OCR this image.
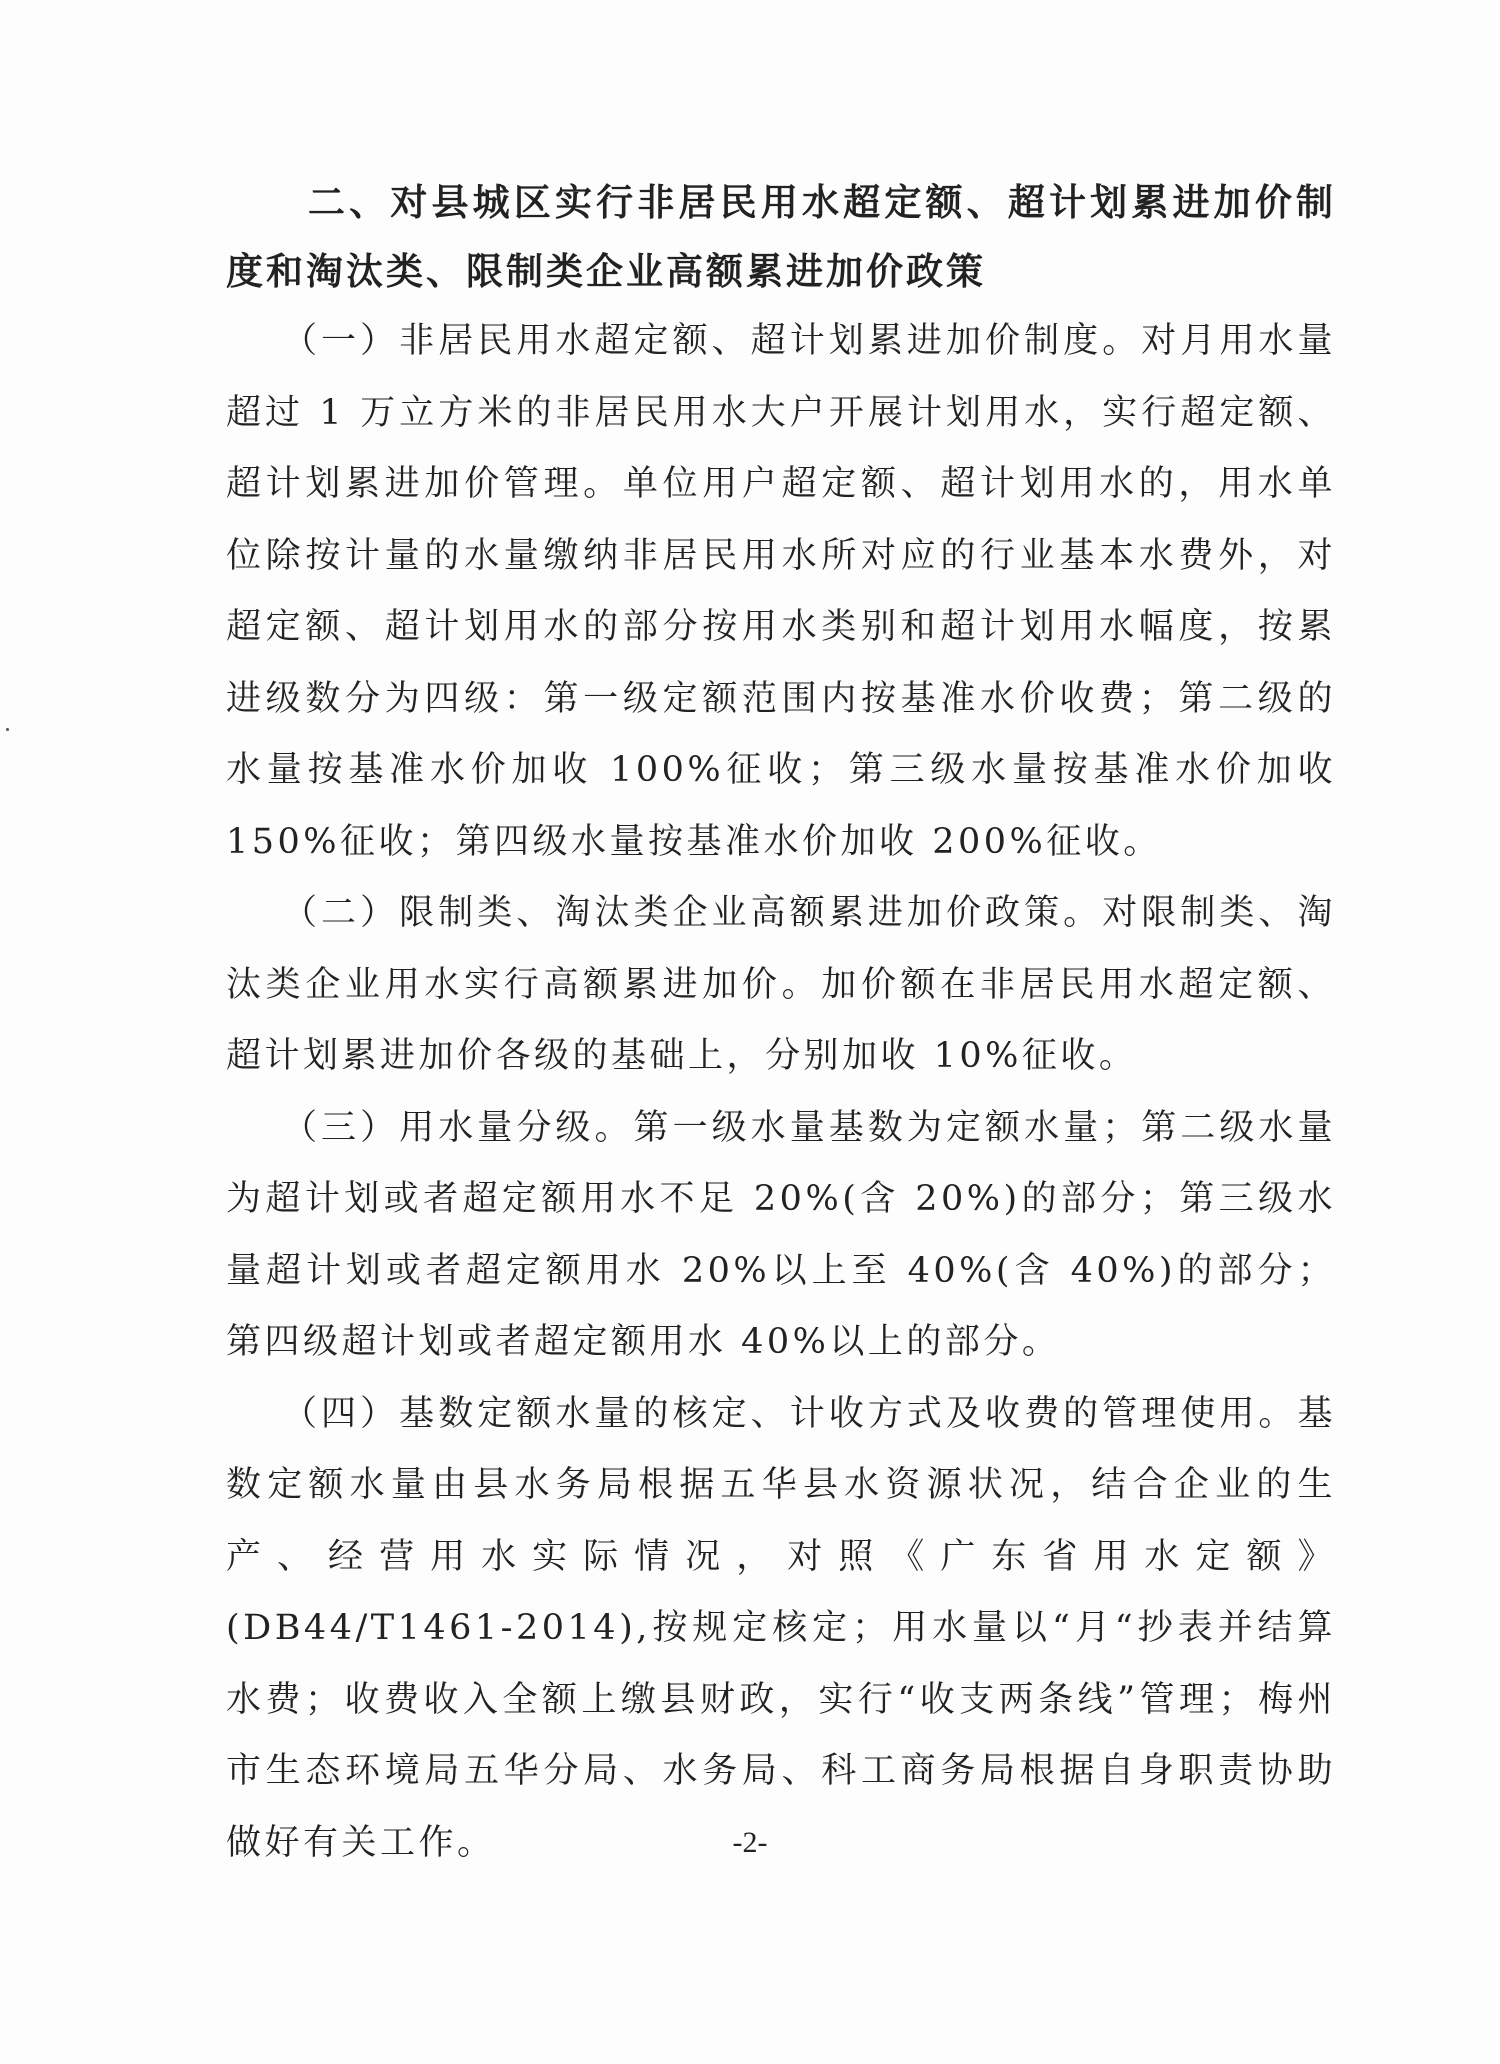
二、对县城区实行非居民用水超定额、超计划累进加价制度和淘汰类、限制类企业高额累进加价政策

（一）非居民用水超定额、超计划累进加价制度。对月用水量超过 1 万立方米的非居民用水大户开展计划用水，实行超定额、超计划累进加价管理。单位用户超定额、超计划用水的，用水单位除按计量的水量缴纳非居民用水所对应的行业基本水费外，对超定额、超计划用水的部分按用水类别和超计划用水幅度，按累进级数分为四级：第一级定额范围内按基准水价收费；第二级的水量按基准水价加收 100%征收；第三级水量按基准水价加收 150%征收；第四级水量按基准水价加收 200%征收。

（二）限制类、淘汰类企业高额累进加价政策。对限制类、淘汰类企业用水实行高额累进加价。加价额在非居民用水超定额、超计划累进加价各级的基础上，分别加收 10%征收。

（三）用水量分级。第一级水量基数为定额水量；第二级水量为超计划或者超定额用水不足 20%(含 20%)的部分；第三级水量超计划或者超定额用水 20%以上至 40%(含 40%)的部分；第四级超计划或者超定额用水 40%以上的部分。

（四）基数定额水量的核定、计收方式及收费的管理使用。基数定额水量由县水务局根据五华县水资源状况，结合企业的生产、经营用水实际情况，对照《广东省用水定额》(DB44/T1461-2014),按规定核定；用水量以“月“抄表并结算水费；收费收入全额上缴县财政，实行“收支两条线”管理；梅州市生态环境局五华分局、水务局、科工商务局根据自身职责协助做好有关工作。	-2-
